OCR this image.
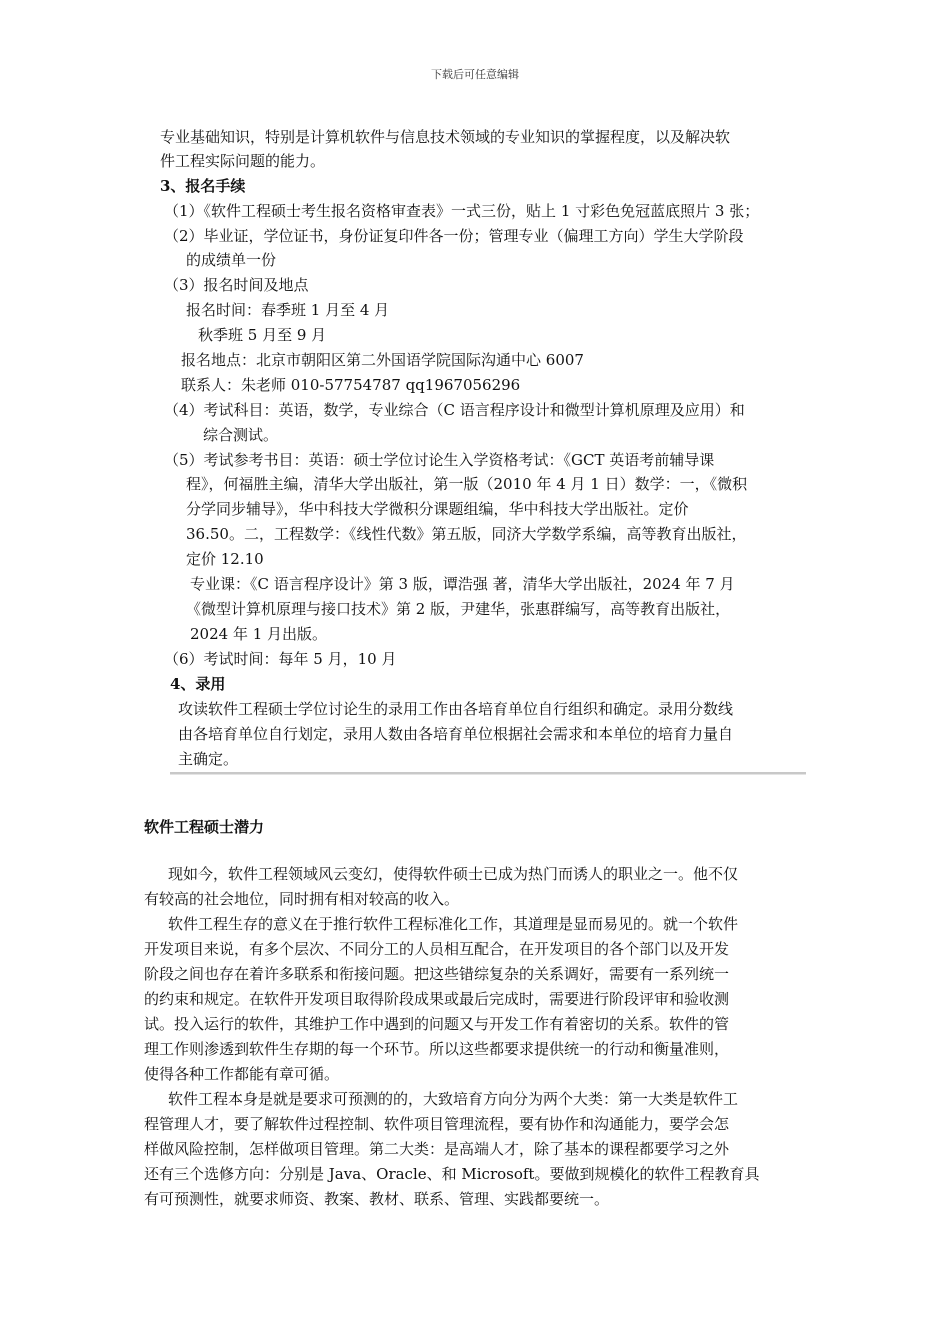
下载后可任意编辑
专业基础知识，特别是计算机软件与信息技术领域的专业知识的掌握程度，以及解决软
件工程实际问题的能力。
3、报名手续
（1）《软件工程硕士考生报名资格审查表》一式三份，贴上 1 寸彩色免冠蓝底照片 3 张；
（2）毕业证，学位证书，身份证复印件各一份；管理专业（偏理工方向）学生大学阶段
的成绩单一份
（3）报名时间及地点
报名时间：春季班 1 月至 4 月
秋季班 5 月至 9 月
报名地点：北京市朝阳区第二外国语学院国际沟通中心 6007
联系人：朱老师 010-57754787 qq1967056296
（4）考试科目：英语，数学，专业综合（C 语言程序设计和微型计算机原理及应用）和
综合测试。
（5）考试参考书目：英语：硕士学位讨论生入学资格考试：《GCT 英语考前辅导课
程》，何福胜主编，清华大学出版社，第一版（2010 年 4 月 1 日）数学：一，《微积
分学同步辅导》，华中科技大学微积分课题组编，华中科技大学出版社。定价
36.50。二，工程数学：《线性代数》第五版，同济大学数学系编，高等教育出版社，
定价 12.10
专业课：《C 语言程序设计》第 3 版，谭浩强 著，清华大学出版社，2024 年 7 月
《微型计算机原理与接口技术》第 2 版，尹建华，张惠群编写，高等教育出版社，
2024 年 1 月出版。
（6）考试时间：每年 5 月，10 月
4、录用
攻读软件工程硕士学位讨论生的录用工作由各培育单位自行组织和确定。录用分数线
由各培育单位自行划定，录用人数由各培育单位根据社会需求和本单位的培育力量自
主确定。
软件工程硕士潜力
现如今，软件工程领域风云变幻，使得软件硕士已成为热门而诱人的职业之一。他不仅
有较高的社会地位，同时拥有相对较高的收入。
软件工程生存的意义在于推行软件工程标准化工作，其道理是显而易见的。就一个软件
开发项目来说，有多个层次、不同分工的人员相互配合，在开发项目的各个部门以及开发
阶段之间也存在着许多联系和衔接问题。把这些错综复杂的关系调好，需要有一系列统一
的约束和规定。在软件开发项目取得阶段成果或最后完成时，需要进行阶段评审和验收测
试。投入运行的软件，其维护工作中遇到的问题又与开发工作有着密切的关系。软件的管
理工作则渗透到软件生存期的每一个环节。所以这些都要求提供统一的行动和衡量准则，
使得各种工作都能有章可循。
软件工程本身是就是要求可预测的的，大致培育方向分为两个大类：第一大类是软件工
程管理人才，要了解软件过程控制、软件项目管理流程，要有协作和沟通能力，要学会怎
样做风险控制，怎样做项目管理。第二大类：是高端人才，除了基本的课程都要学习之外
还有三个选修方向：分别是 Java、Oracle、和 Microsoft。要做到规模化的软件工程教育具
有可预测性，就要求师资、教案、教材、联系、管理、实践都要统一。
